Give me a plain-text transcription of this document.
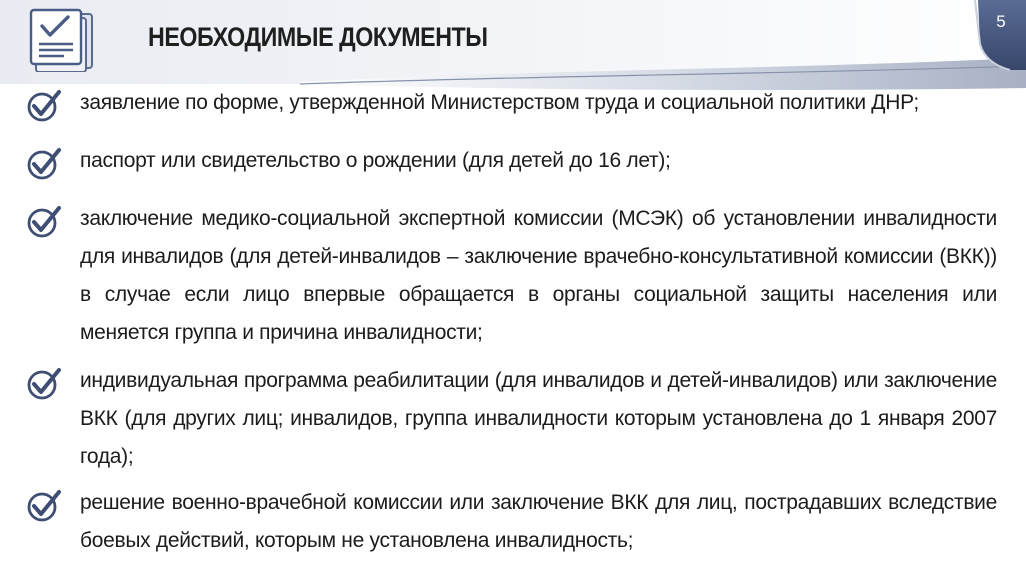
НЕОБХОДИМЫЕ ДОКУМЕНТЫ
5

заявление по форме, утвержденной Министерством труда и социальной политики ДНР;

паспорт или свидетельство о рождении (для детей до 16 лет);

заключение медико-социальной экспертной комиссии (МСЭК) об установлении инвалидности для инвалидов (для детей-инвалидов – заключение врачебно-консультативной комиссии (ВКК)) в случае если лицо впервые обращается в органы социальной защиты населения или меняется группа и причина инвалидности;

индивидуальная программа реабилитации (для инвалидов и детей-инвалидов) или заключение ВКК (для других лиц; инвалидов, группа инвалидности которым установлена до 1 января 2007 года);

решение военно-врачебной комиссии или заключение ВКК для лиц, пострадавших вследствие боевых действий, которым не установлена инвалидность;
